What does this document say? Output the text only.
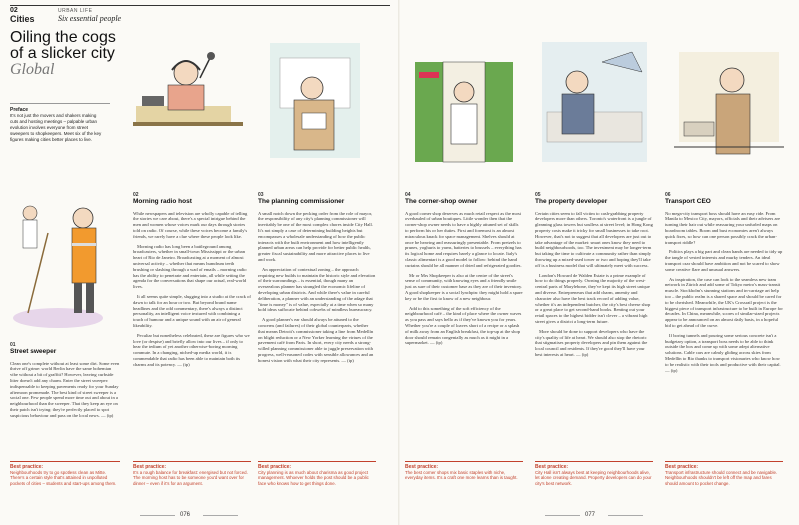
02
Cities
URBAN LIFE
Six essential people
Oiling the cogs of a slicker city
Global
Preface
It's not just the movers and shakers making cuts and hosting meetings – palpable urban evolution involves everyone from street sweepers to shopkeepers. Meet six of the key figures making cities better places to live.
01
Street sweeper

Clean one's complete without at least some dirt. Some even thrive off grime: world Berlin have the same bohemian vibe without a bit of graffiti? However, leaving curbside litter doesn't add any charm. Enter the street sweeper: indispensable to keeping pavements ready for your Sunday afternoon promenade. The best kind of street sweeper is a social one. Few people spend more time out and about in a neighbourhood than the sweeper. That they keep an eye on their patch isn't trying: they're perfectly placed to spot suspicious behaviour and pass on the local news. — (ip)

02
Morning radio host

While newspapers and television are wholly capable of telling the stories we care about, there's a special intrigue behind the men and women whose voices mark our days through stories told on radio. Of course, while these voices become a family's friends, we rarely have a clue where these people look like.

Morning radio has long been a battleground among broadcasters, whether in small-town Mississippi or the urban heart of Rio de Janeiro. Broadcasting at a moment of almost universal activity – whether that means humdrum teeth brushing or slashing through a wad of emails – morning radio has the ability to penetrate and entertain, all while setting the agenda for the conversations that shape our actual, real-world lives.

It all seems quite simple, slugging into a studio at the crack of dawn to talk for an hour or two. But beyond brand name headlines and the odd commentary, there's always a distinct personality, an intelligent voice textured with combining a touch of humour and a unique sound with an air of general likeability.

Peculiar but nonetheless celebrated, these are figures who we love (or despise) and briefly allow into our lives – if only to hear the tedium of yet another otherwise-boring morning commute. In a changing, niched-up media world, it is commendable that radio has been able to maintain both its charms and its potency. — (ip)

03
The planning commissioner

A small notch down the pecking order from the role of mayor, the responsibility of any city's planning commissioner will inevitably be one of the most complex chores inside City Hall. It's not simply a case of determining building heights but encompasses a wholesale understanding of how the public interacts with the built environment and how intelligently planned urban areas can help provide for better public health, greater fiscal sustainability and more attractive places to live and work.

An appreciation of contextual zoning – the approach requiring new builds to maintain the historic style and elevation of their surroundings – is essential, though many an overzealous planner has strangled the economic lifeline of developing urban districts. And while there's value in careful deliberation, a planner with an understanding of the adage that "time is money" is of value, especially at a time when so many bold ideas suffocate behind cobwebs of mindless bureaucracy.

A good planner's ear should always be attuned to the concerns (and failures) of their global counterparts, whether that means Detroit's commissioner taking a line from Medellín on blight reduction or a New Yorker learning the virtues of the pavement café from Paris. In short, every city needs a strong-willed planning commissioner able to juggle preservation with progress, well-reasoned codes with sensible allowances and an honest vision with what their city represents. — (ip)

04
The corner-shop owner

A good corner shop deserves as much retail respect as the most overhauled of urban boutiques. Little wonder then that the corner-shop owner needs to have a highly attuned set of skills to perform his or her duties. First and foremost is an almost miraculous knack for space management. Shelves should at once be heaving and reassuringly presentable. From pretzels to prunes, yoghurts to yarns, batteries to brussels – everything has its logical home and requires barely a glance to locate. Italy's classic alimentari is a good model to follow: behind the hand curtains should be all manner of dried and refrigerated goodies.

Mr or Mrs Shopkeeper is also at the centre of the street's sense of community, with knowing eyes and a friendly smile just as sure of their customer base as they are of their inventory. A good shopkeeper is a social lynchpin: they might hold a spare key or be the first to know of a new neighbour.

Add to this something of the soft efficiency of the neighbourhood café – the kind of place where the owner waves as you pass and says hello as if they've known you for years. Whether you're a couple of loaves short of a recipe or a splash of milk away from an English breakfast, the top-up at the shop door should remain congenially as much as it might in a supermarket. — (ip)

05
The property developer

Certain cities seem to fall victim to cash-grabbing property developers more than others. Toronto's waterfront is a jungle of gleaming glass towers but soulless at street level; in Hong Kong property costs make it tricky for small businesses to take root. However, that's not to suggest that all developers are just out to take advantage of the market: smart ones know they need to build neighbourhoods, too. The investment may be longer-term but taking the time to cultivate a community rather than simply throwing up a mixed-used tower or two and hoping they'll take off is a business model that will ultimately meet with success.

London's Howard de Walden Estate is a prime example of how to do things properly. Owning the majority of the west-central parts of Marylebone, they've kept its high street unique and diverse. Entrepreneurs that add charm, amenity and character also have the best track record of adding value, whether it's an independent butcher, the city's best cheese shop or a great place to get second-hand books. Renting out your retail spaces to the highest bidder isn't clever – a vibrant high street gives a district a long-term future.

More should be done to support developers who have the city's quality of life at heart. We should also stop the rhetoric that stigmatises property developers and pin them against the local council and residents. If they're good they'll have your best interests at heart. — (ip)

06
Transport CEO

No mega-city transport boss should have an easy ride. From Manila to Mexico City, mayors, officials and their advisers are turning their hair out while reassuring your unfurled maps on boardroom tables. Boom and bust economies aren't always quick fixes, so how can one person possibly crack the urban-transport riddle?

Politics plays a big part and clean hands are needed to tidy up the tangle of vested interests and murky tenders. An ideal transport czar should have ambition and not be scared to show some creative flare and unusual answers.

As inspiration, the case can look to the seamless new tram network in Zürich and add some of Tokyo metro's mass-transit muscle. Stockholm's stunning stations and in-carriage art help too – the public realm is a shared space and should be cared for to be cherished. Meanwhile, the UK's Crossrail project is the biggest piece of transport infrastructure to be built in Europe for decades. In China, meanwhile, scores of similar-sized projects appear to be announced on an almost daily basis, in a hopeful bid to get ahead of the curve.

If boring tunnels and pouring some serious concrete isn't a budgetary option, a transport boss needs to be able to think outside the box and come up with some adept alternative solutions. Cable cars are calmly gliding across skies from Medellín to Rio thanks to transport visionaries who know how to be realistic with their tools and productive with their capital. — (ip)

Best practice:
Neighbourhoods try to go spotless clean as Mitte. There's a certain style that's attained in unpolluted pockets of cities – students and start-ups among them.
Best practice:
It's a rough balance for breakfast: energised but not forced. The morning host has to be someone you'd want over for dinner – even if it's for an argument.
Best practice:
City planning is as much about charisma as good project management. Whoever holds the post should be a public face who knows how to get things done.
Best practice:
The best corner shops mix basic staples with niche, everyday items. It's a craft one more learns than is taught.
Best practice:
City Hall isn't always best at keeping neighbourhoods alive, let alone creating demand. Property developers can do your city's best network.
Best practice:
Transport infrastructure should connect and be navigable. Neighbourhoods shouldn't be left off the map and fares should amount to pocket change.
076	077
